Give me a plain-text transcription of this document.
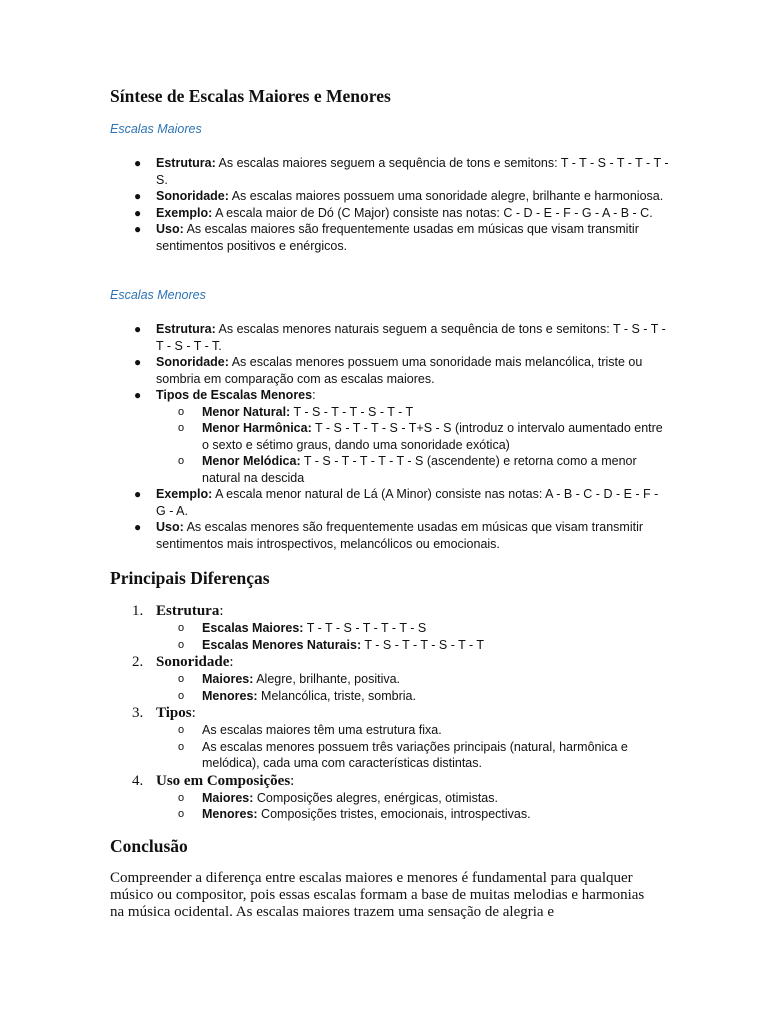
Síntese de Escalas Maiores e Menores
Escalas Maiores
● Estrutura: As escalas maiores seguem a sequência de tons e semitons: T - T - S - T - T - T - S.
● Sonoridade: As escalas maiores possuem uma sonoridade alegre, brilhante e harmoniosa.
● Exemplo: A escala maior de Dó (C Major) consiste nas notas: C - D - E - F - G - A - B - C.
● Uso: As escalas maiores são frequentemente usadas em músicas que visam transmitir sentimentos positivos e enérgicos.
Escalas Menores
● Estrutura: As escalas menores naturais seguem a sequência de tons e semitons: T - S - T - T - S - T - T.
● Sonoridade: As escalas menores possuem uma sonoridade mais melancólica, triste ou sombria em comparação com as escalas maiores.
● Tipos de Escalas Menores:
o Menor Natural: T - S - T - T - S - T - T
o Menor Harmônica: T - S - T - T - S - T+S - S (introduz o intervalo aumentado entre o sexto e sétimo graus, dando uma sonoridade exótica)
o Menor Melódica: T - S - T - T - T - T - S (ascendente) e retorna como a menor natural na descida
● Exemplo: A escala menor natural de Lá (A Minor) consiste nas notas: A - B - C - D - E - F - G - A.
● Uso: As escalas menores são frequentemente usadas em músicas que visam transmitir sentimentos mais introspectivos, melancólicos ou emocionais.
Principais Diferenças
1. Estrutura:
o Escalas Maiores: T - T - S - T - T - T - S
o Escalas Menores Naturais: T - S - T - T - S - T - T
2. Sonoridade:
o Maiores: Alegre, brilhante, positiva.
o Menores: Melancólica, triste, sombria.
3. Tipos:
o As escalas maiores têm uma estrutura fixa.
o As escalas menores possuem três variações principais (natural, harmônica e melódica), cada uma com características distintas.
4. Uso em Composições:
o Maiores: Composições alegres, enérgicas, otimistas.
o Menores: Composições tristes, emocionais, introspectivas.
Conclusão

Compreender a diferença entre escalas maiores e menores é fundamental para qualquer músico ou compositor, pois essas escalas formam a base de muitas melodias e harmonias na música ocidental. As escalas maiores trazem uma sensação de alegria e
